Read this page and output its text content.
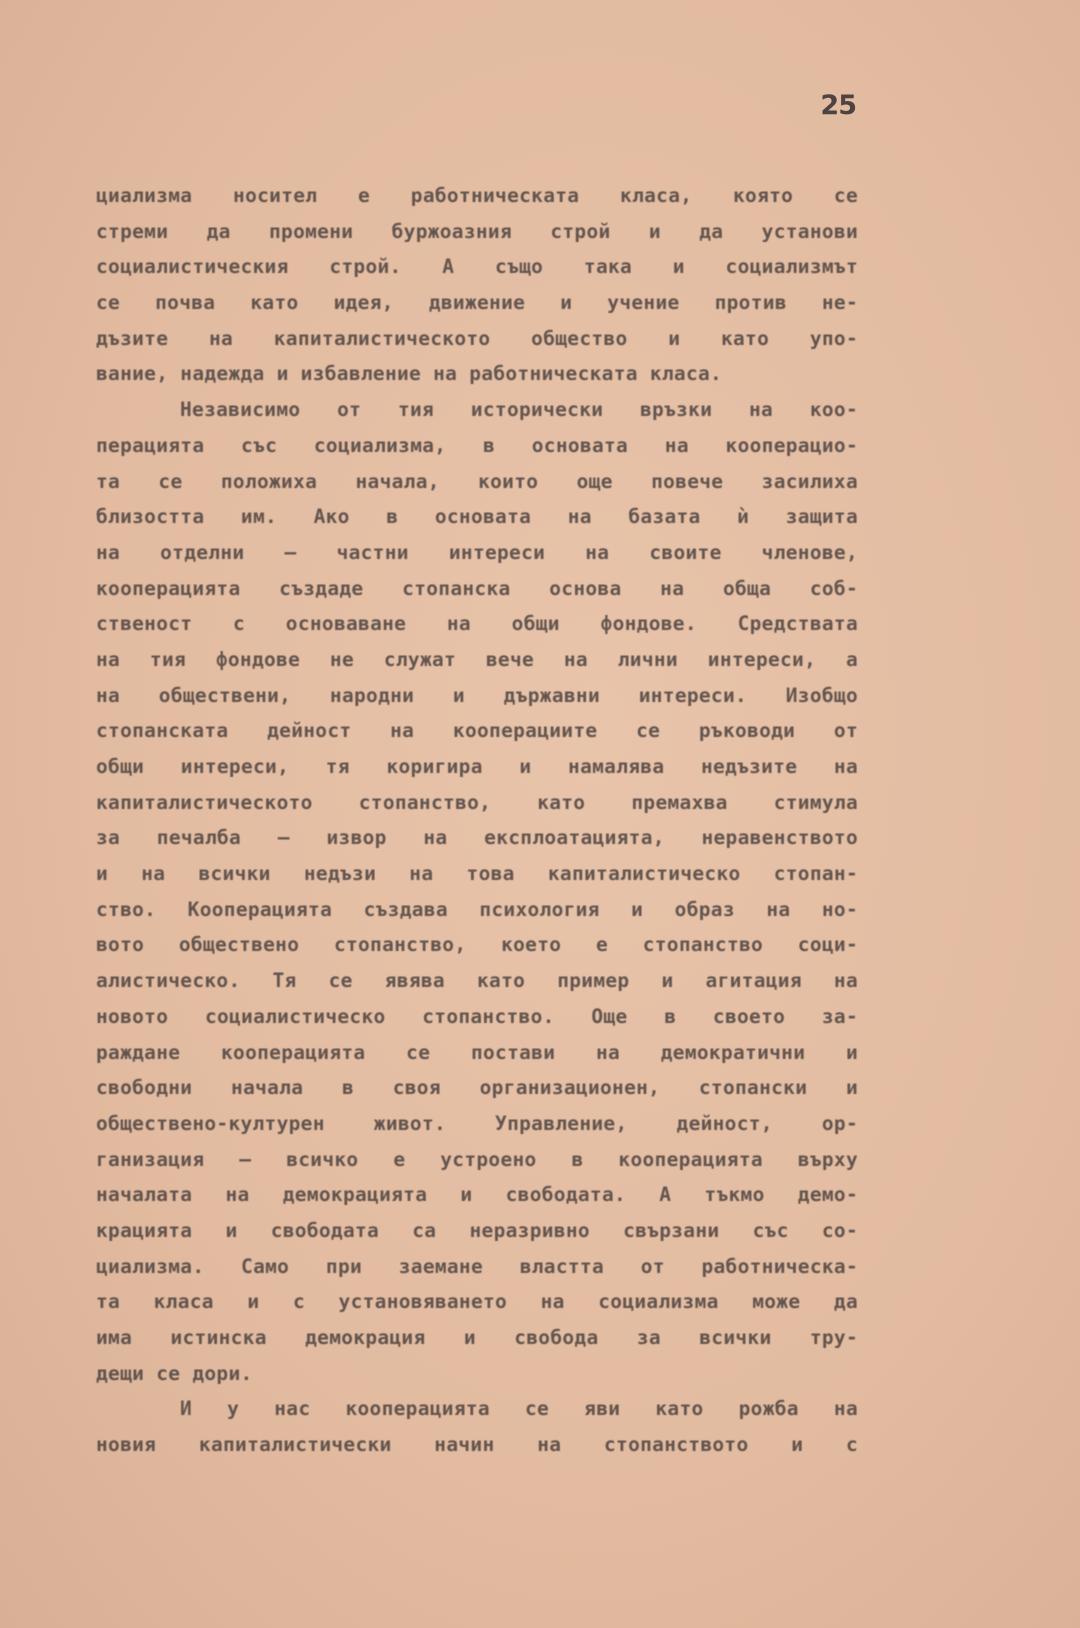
25
циализма носител е работническата класа, която се
стреми да промени буржоазния строй и да установи
социалистическия строй. А също така и социализмът
се почва като идея, движение и учение против не-
дъзите на капиталистическото общество и като упо-
вание, надежда и избавление на работническата класа.
Независимо от тия исторически връзки на коо-
перацията със социализма, в основата на кооперацио-
та се положиха начала, които още повече засилиха
близостта им. Ако в основата на базата ѝ защита
на отделни — частни интереси на своите членове,
кооперацията създаде стопанска основа на обща соб-
ственост с основаване на общи фондове. Средствата
на тия фондове не служат вече на лични интереси, а
на обществени, народни и държавни интереси. Изобщо
стопанската дейност на кооперациите се ръководи от
общи интереси, тя коригира и намалява недъзите на
капиталистическото стопанство, като премахва стимула
за печалба — извор на експлоатацията, неравенството
и на всички недъзи на това капиталистическо стопан-
ство. Кооперацията създава психология и образ на но-
вото обществено стопанство, което е стопанство соци-
алистическо. Тя се явява като пример и агитация на
новото социалистическо стопанство. Още в своето за-
раждане кооперацията се постави на демократични и
свободни начала в своя организационен, стопански и
обществено-културен живот. Управление, дейност, ор-
ганизация — всичко е устроено в кооперацията върху
началата на демокрацията и свободата. А тъкмо демо-
крацията и свободата са неразривно свързани със со-
циализма. Само при заемане властта от работническа-
та класа и с установяването на социализма може да
има истинска демокрация и свобода за всички тру-
дещи се дори.
И у нас кооперацията се яви като рожба на
новия капиталистически начин на стопанството и с
